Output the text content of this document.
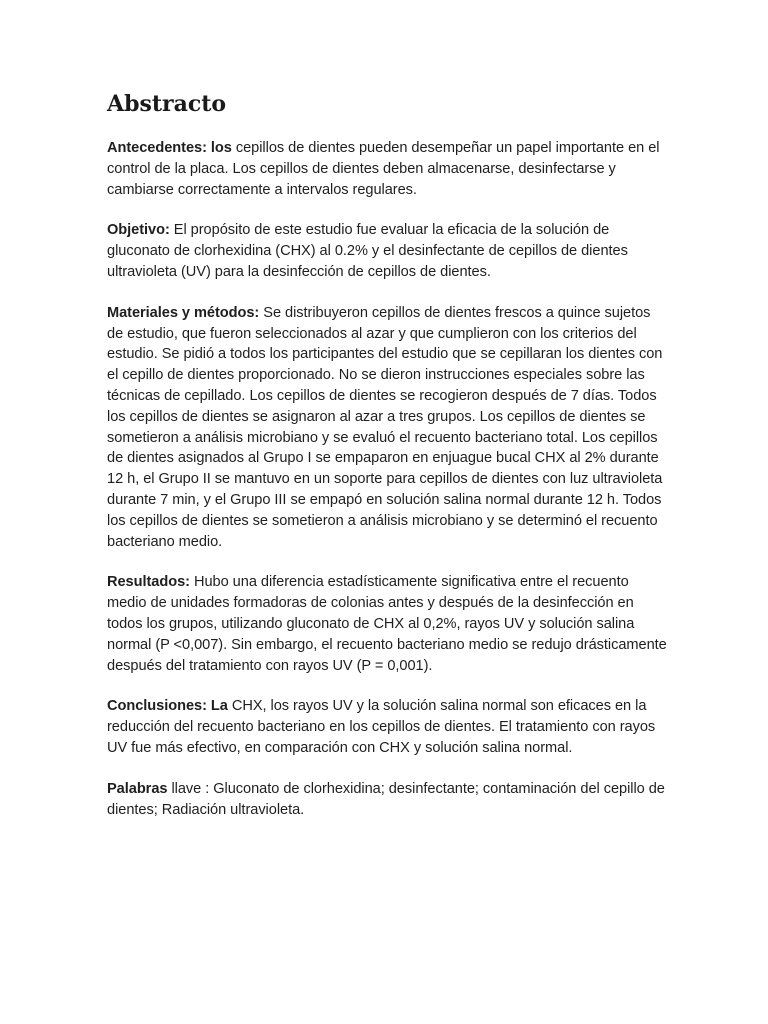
Abstracto

Antecedentes: los cepillos de dientes pueden desempeñar un papel importante en el control de la placa. Los cepillos de dientes deben almacenarse, desinfectarse y cambiarse correctamente a intervalos regulares.

Objetivo: El propósito de este estudio fue evaluar la eficacia de la solución de gluconato de clorhexidina (CHX) al 0.2% y el desinfectante de cepillos de dientes ultravioleta (UV) para la desinfección de cepillos de dientes.

Materiales y métodos: Se distribuyeron cepillos de dientes frescos a quince sujetos de estudio, que fueron seleccionados al azar y que cumplieron con los criterios del estudio. Se pidió a todos los participantes del estudio que se cepillaran los dientes con el cepillo de dientes proporcionado. No se dieron instrucciones especiales sobre las técnicas de cepillado. Los cepillos de dientes se recogieron después de 7 días. Todos los cepillos de dientes se asignaron al azar a tres grupos. Los cepillos de dientes se sometieron a análisis microbiano y se evaluó el recuento bacteriano total. Los cepillos de dientes asignados al Grupo I se empaparon en enjuague bucal CHX al 2% durante 12 h, el Grupo II se mantuvo en un soporte para cepillos de dientes con luz ultravioleta durante 7 min, y el Grupo III se empapó en solución salina normal durante 12 h. Todos los cepillos de dientes se sometieron a análisis microbiano y se determinó el recuento bacteriano medio.

Resultados: Hubo una diferencia estadísticamente significativa entre el recuento medio de unidades formadoras de colonias antes y después de la desinfección en todos los grupos, utilizando gluconato de CHX al 0,2%, rayos UV y solución salina normal (P <0,007). Sin embargo, el recuento bacteriano medio se redujo drásticamente después del tratamiento con rayos UV (P = 0,001).

Conclusiones: La CHX, los rayos UV y la solución salina normal son eficaces en la reducción del recuento bacteriano en los cepillos de dientes. El tratamiento con rayos UV fue más efectivo, en comparación con CHX y solución salina normal.

Palabras llave : Gluconato de clorhexidina; desinfectante; contaminación del cepillo de dientes; Radiación ultravioleta.
